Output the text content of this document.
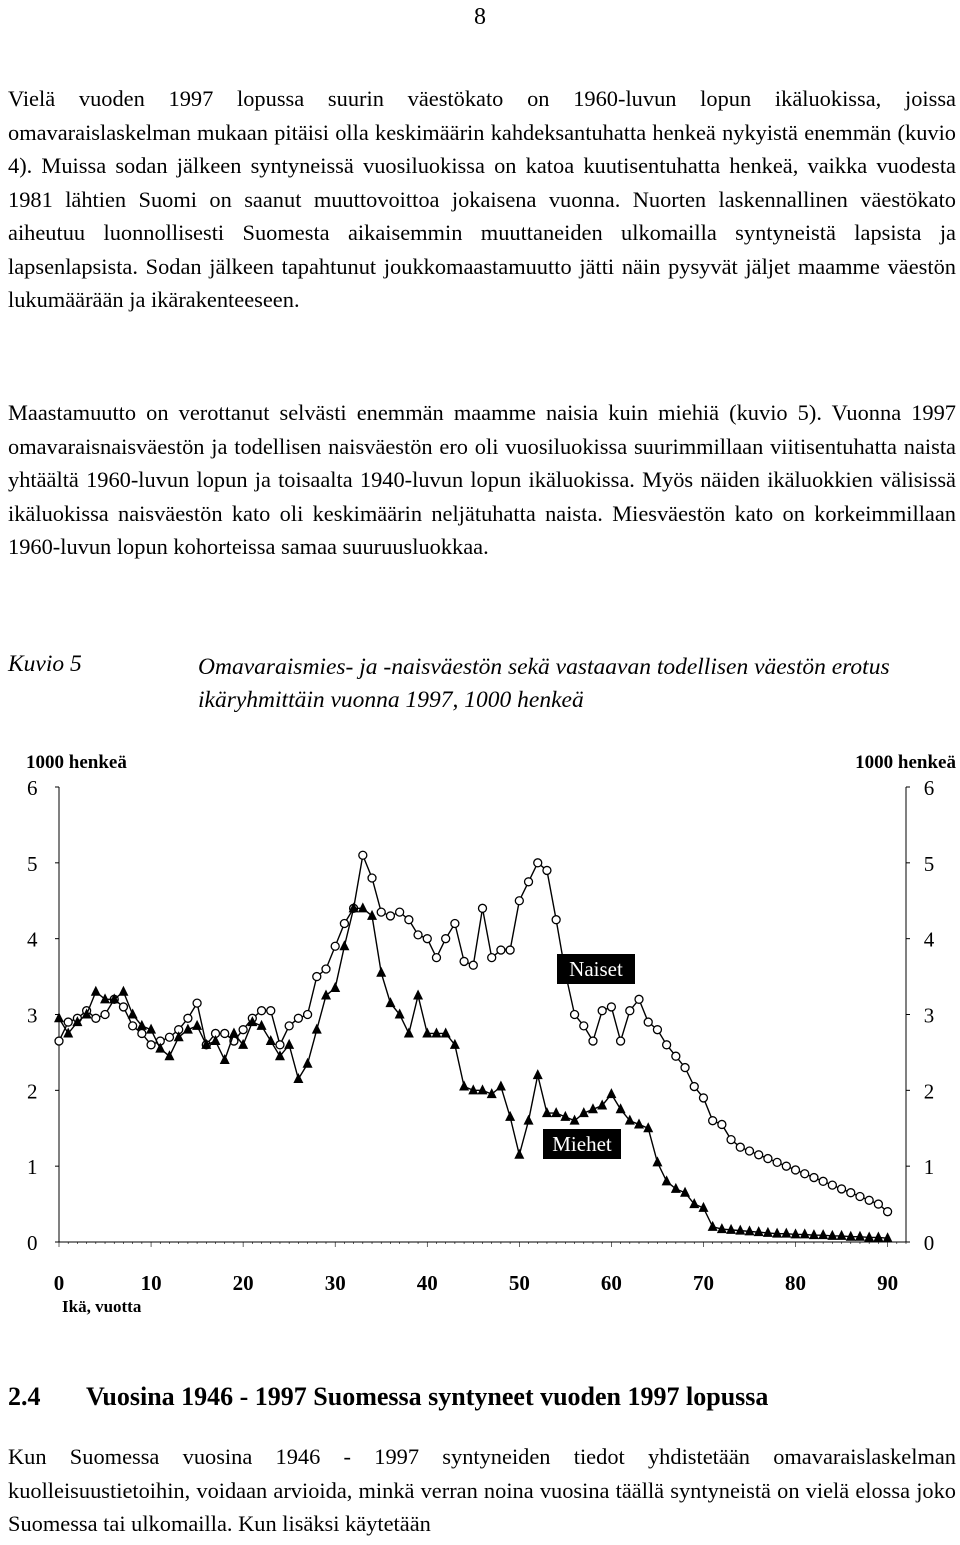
8

Vielä vuoden 1997 lopussa suurin väestökato on 1960-luvun lopun ikäluokissa, joissa omavaraislaskelman mukaan pitäisi olla keskimäärin kahdeksantuhatta henkeä nykyistä enemmän (kuvio 4). Muissa sodan jälkeen syntyneissä vuosiluokissa on katoa kuutisentuhatta henkeä, vaikka vuodesta 1981 lähtien Suomi on saanut muuttovoittoa jokaisena vuonna. Nuorten laskennallinen väestökato aiheutuu luonnollisesti Suomesta aikaisemmin muuttaneiden ulkomailla syntyneistä lapsista ja lapsenlapsista. Sodan jälkeen tapahtunut joukkomaastamuutto jätti näin pysyvät jäljet maamme väestön lukumäärään ja ikärakenteeseen.

Maastamuutto on verottanut selvästi enemmän maamme naisia kuin miehiä (kuvio 5). Vuonna 1997 omavaraisnaisväestön ja todellisen naisväestön ero oli vuosiluokissa suurimmillaan viitisentuhatta naista yhtäältä 1960-luvun lopun ja toisaalta 1940-luvun lopun ikäluokissa. Myös näiden ikäluokkien välisissä ikäluokissa naisväestön kato oli keskimäärin neljätuhatta naista. Miesväestön kato on korkeimmillaan 1960-luvun lopun kohorteissa samaa suuruusluokkaa.

Kuvio 5	Omavaraismies- ja -naisväestön sekä vastaavan todellisen väestön erotus ikäryhmittäin vuonna 1997, 1000 henkeä
0	0
1	1
2	2
3	3
4	4
5	5
6	6
0	10	20	30	40	50	60	70	80	90
1000 henkeä	1000 henkeä
Ikä, vuotta
Naiset
Miehet
2.4 Vuosina 1946 - 1997 Suomessa syntyneet vuoden 1997 lopussa

Kun Suomessa vuosina 1946 - 1997 syntyneiden tiedot yhdistetään omavaraislaskelman kuolleisuustietoihin, voidaan arvioida, minkä verran noina vuosina täällä syntyneistä on vielä elossa joko Suomessa tai ulkomailla. Kun lisäksi käytetään
